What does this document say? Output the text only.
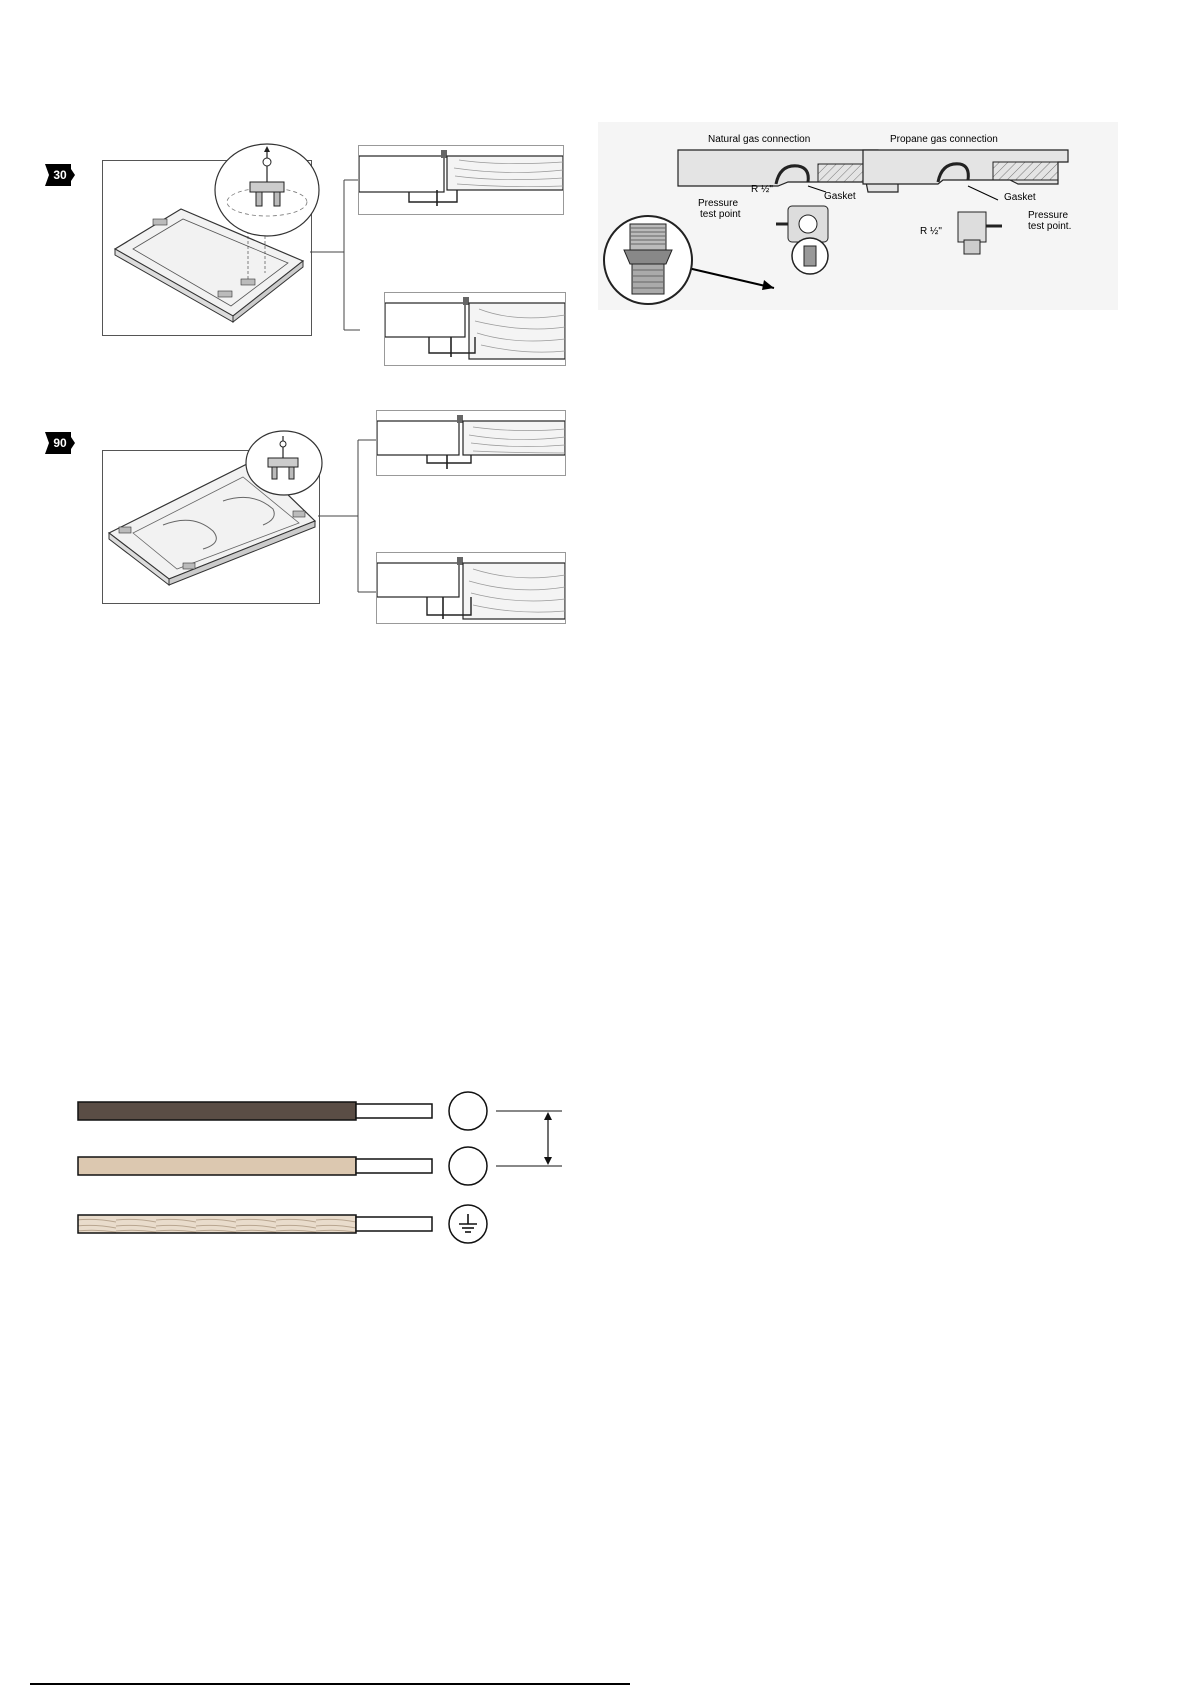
30
90
Natural gas connection	Propane gas connection
R ½"
Gasket
Pressure
test point
Gasket
Pressure
test point.
R ½"
